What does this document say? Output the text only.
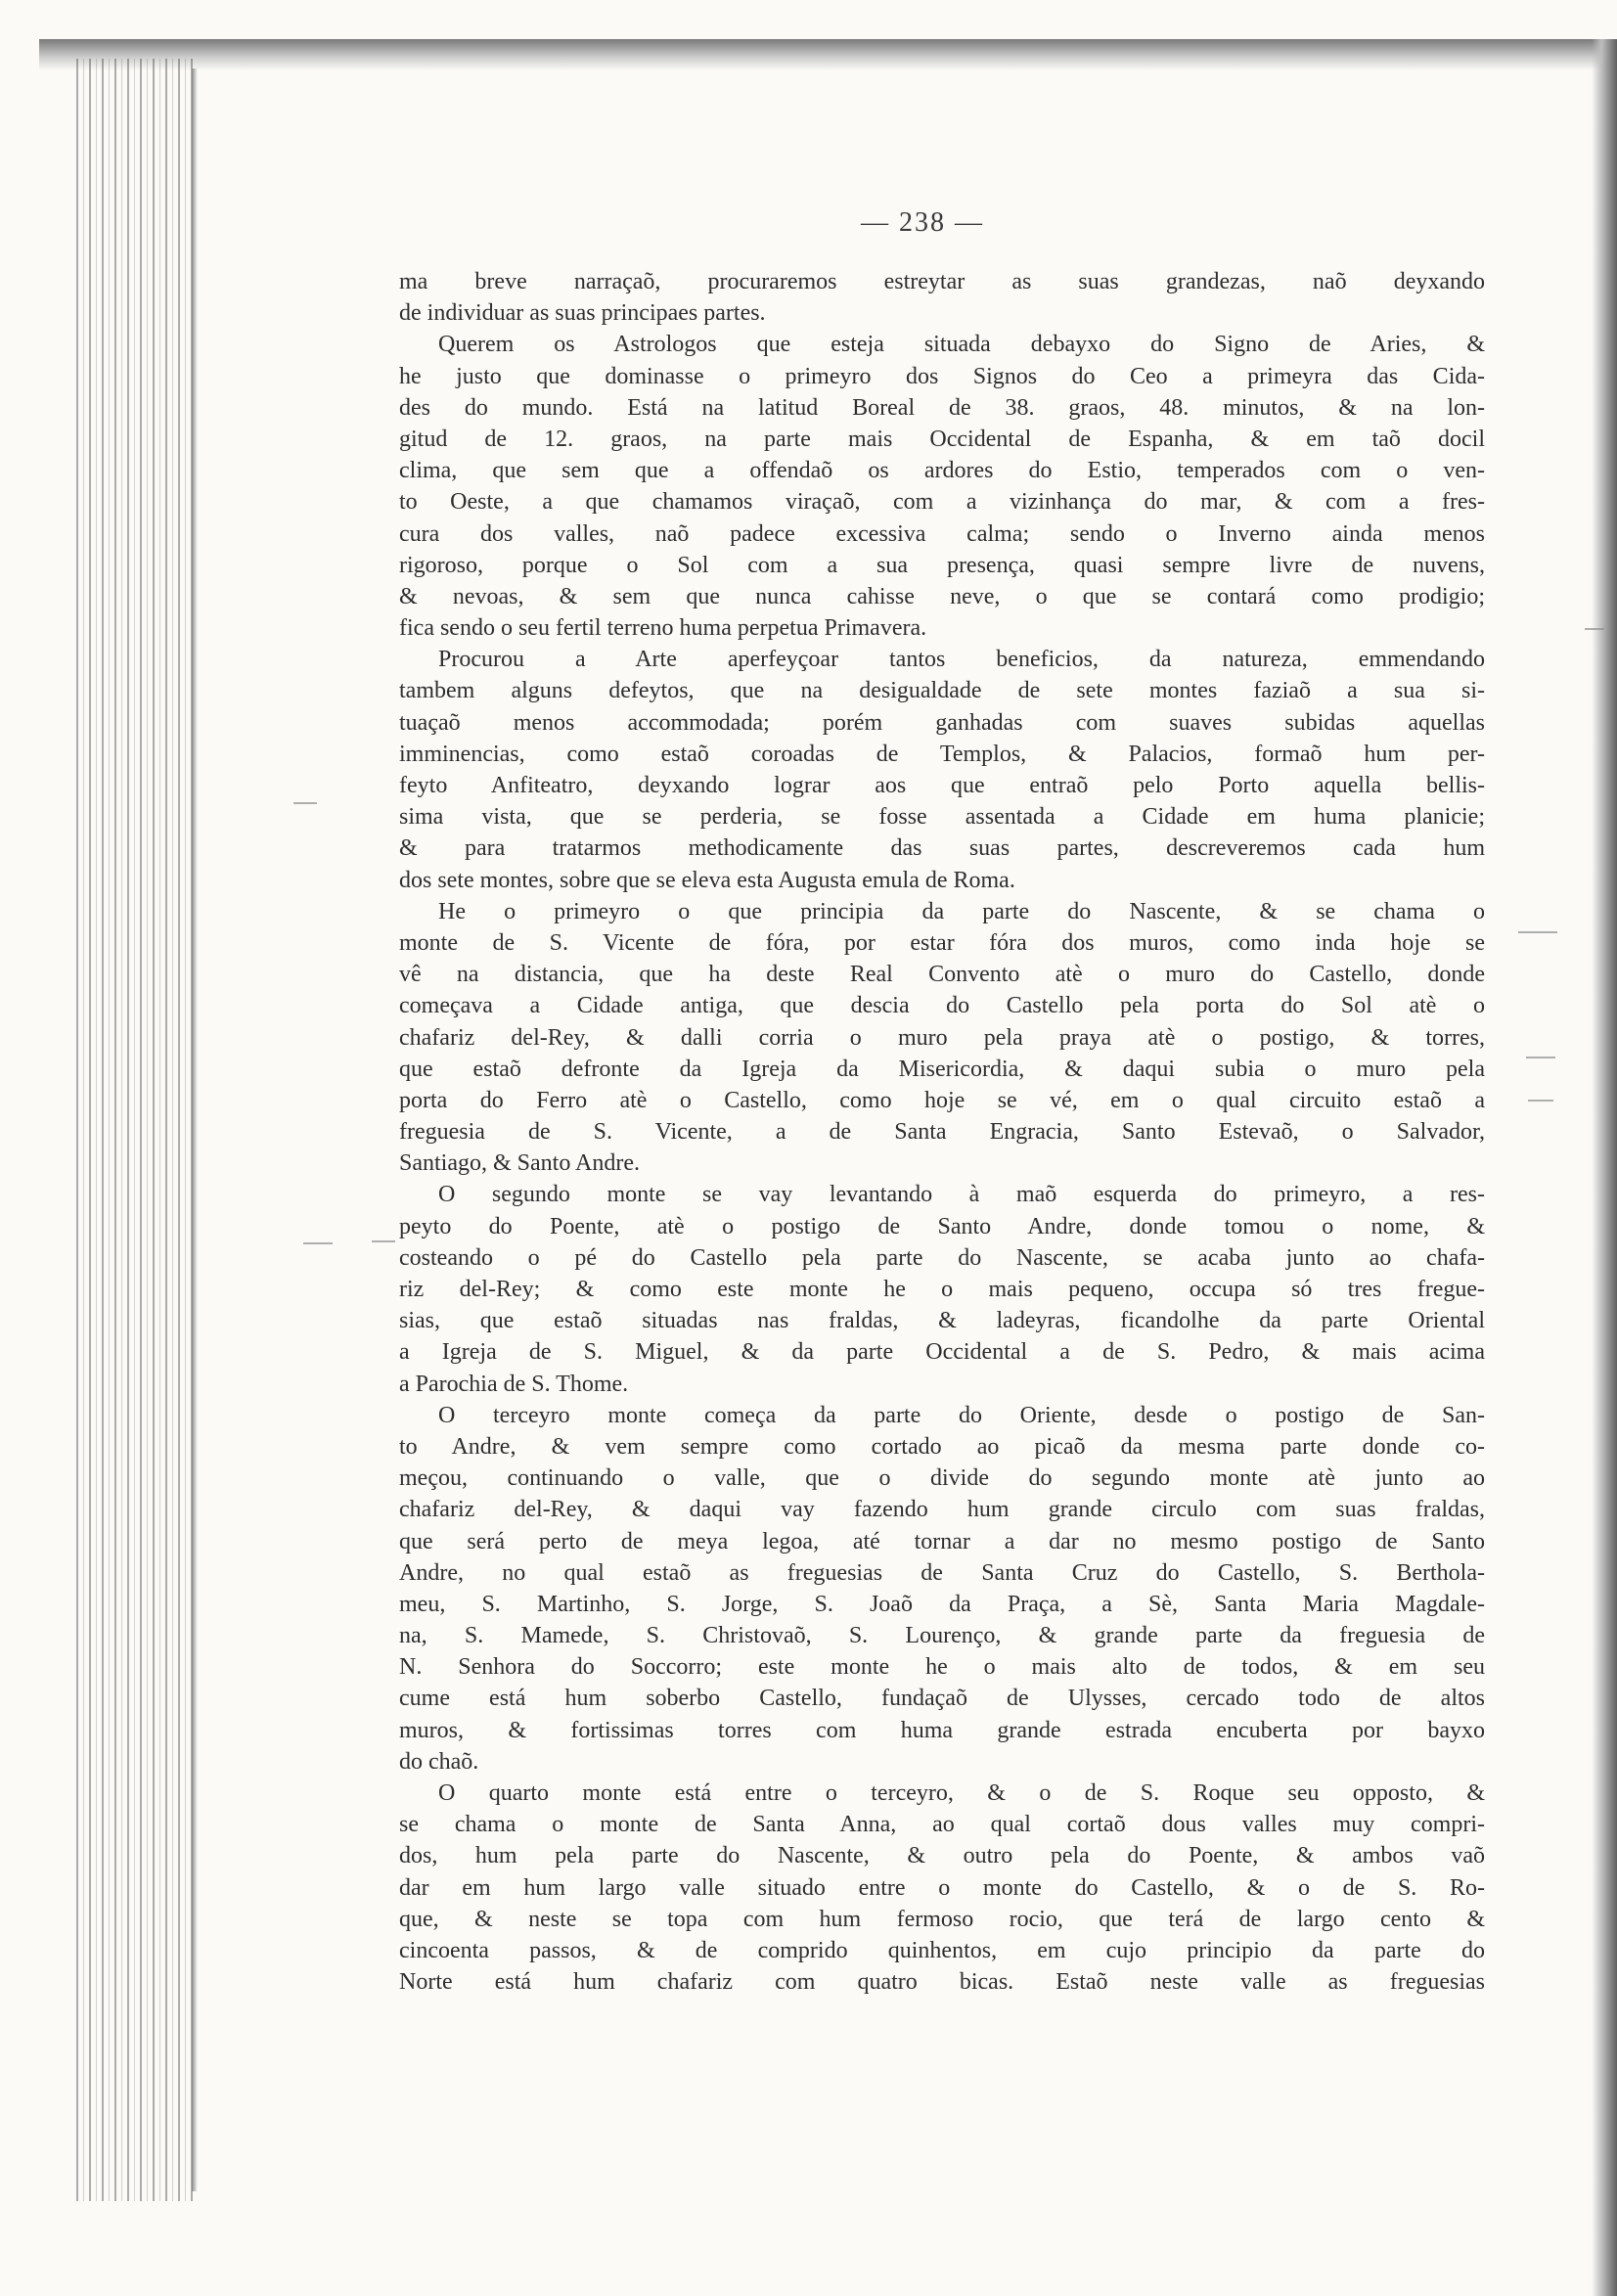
— 238 —
ma breve narraçaõ, procuraremos estreytar as suas grandezas, naõ deyxando
de individuar as suas principaes partes.
Querem os Astrologos que esteja situada debayxo do Signo de Aries, &
he justo que dominasse o primeyro dos Signos do Ceo a primeyra das Cida-
des do mundo. Está na latitud Boreal de 38. graos, 48. minutos, & na lon-
gitud de 12. graos, na parte mais Occidental de Espanha, & em taõ docil
clima, que sem que a offendaõ os ardores do Estio, temperados com o ven-
to Oeste, a que chamamos viraçaõ, com a vizinhança do mar, & com a fres-
cura dos valles, naõ padece excessiva calma; sendo o Inverno ainda menos
rigoroso, porque o Sol com a sua presença, quasi sempre livre de nuvens,
& nevoas, & sem que nunca cahisse neve, o que se contará como prodigio;
fica sendo o seu fertil terreno huma perpetua Primavera.
Procurou a Arte aperfeyçoar tantos beneficios, da natureza, emmendando
tambem alguns defeytos, que na desigualdade de sete montes faziaõ a sua si-
tuaçaõ menos accommodada; porém ganhadas com suaves subidas aquellas
imminencias, como estaõ coroadas de Templos, & Palacios, formaõ hum per-
feyto Anfiteatro, deyxando lograr aos que entraõ pelo Porto aquella bellis-
sima vista, que se perderia, se fosse assentada a Cidade em huma planicie;
& para tratarmos methodicamente das suas partes, descreveremos cada hum
dos sete montes, sobre que se eleva esta Augusta emula de Roma.
He o primeyro o que principia da parte do Nascente, & se chama o
monte de S. Vicente de fóra, por estar fóra dos muros, como inda hoje se
vê na distancia, que ha deste Real Convento atè o muro do Castello, donde
começava a Cidade antiga, que descia do Castello pela porta do Sol atè o
chafariz del-Rey, & dalli corria o muro pela praya atè o postigo, & torres,
que estaõ defronte da Igreja da Misericordia, & daqui subia o muro pela
porta do Ferro atè o Castello, como hoje se vé, em o qual circuito estaõ a
freguesia de S. Vicente, a de Santa Engracia, Santo Estevaõ, o Salvador,
Santiago, & Santo Andre.
O segundo monte se vay levantando à maõ esquerda do primeyro, a res-
peyto do Poente, atè o postigo de Santo Andre, donde tomou o nome, &
costeando o pé do Castello pela parte do Nascente, se acaba junto ao chafa-
riz del-Rey; & como este monte he o mais pequeno, occupa só tres fregue-
sias, que estaõ situadas nas fraldas, & ladeyras, ficandolhe da parte Oriental
a Igreja de S. Miguel, & da parte Occidental a de S. Pedro, & mais acima
a Parochia de S. Thome.
O terceyro monte começa da parte do Oriente, desde o postigo de San-
to Andre, & vem sempre como cortado ao picaõ da mesma parte donde co-
meçou, continuando o valle, que o divide do segundo monte atè junto ao
chafariz del-Rey, & daqui vay fazendo hum grande circulo com suas fraldas,
que será perto de meya legoa, até tornar a dar no mesmo postigo de Santo
Andre, no qual estaõ as freguesias de Santa Cruz do Castello, S. Berthola-
meu, S. Martinho, S. Jorge, S. Joaõ da Praça, a Sè, Santa Maria Magdale-
na, S. Mamede, S. Christovaõ, S. Lourenço, & grande parte da freguesia de
N. Senhora do Soccorro; este monte he o mais alto de todos, & em seu
cume está hum soberbo Castello, fundaçaõ de Ulysses, cercado todo de altos
muros, & fortissimas torres com huma grande estrada encuberta por bayxo
do chaõ.
O quarto monte está entre o terceyro, & o de S. Roque seu opposto, &
se chama o monte de Santa Anna, ao qual cortaõ dous valles muy compri-
dos, hum pela parte do Nascente, & outro pela do Poente, & ambos vaõ
dar em hum largo valle situado entre o monte do Castello, & o de S. Ro-
que, & neste se topa com hum fermoso rocio, que terá de largo cento &
cincoenta passos, & de comprido quinhentos, em cujo principio da parte do
Norte está hum chafariz com quatro bicas. Estaõ neste valle as freguesias
